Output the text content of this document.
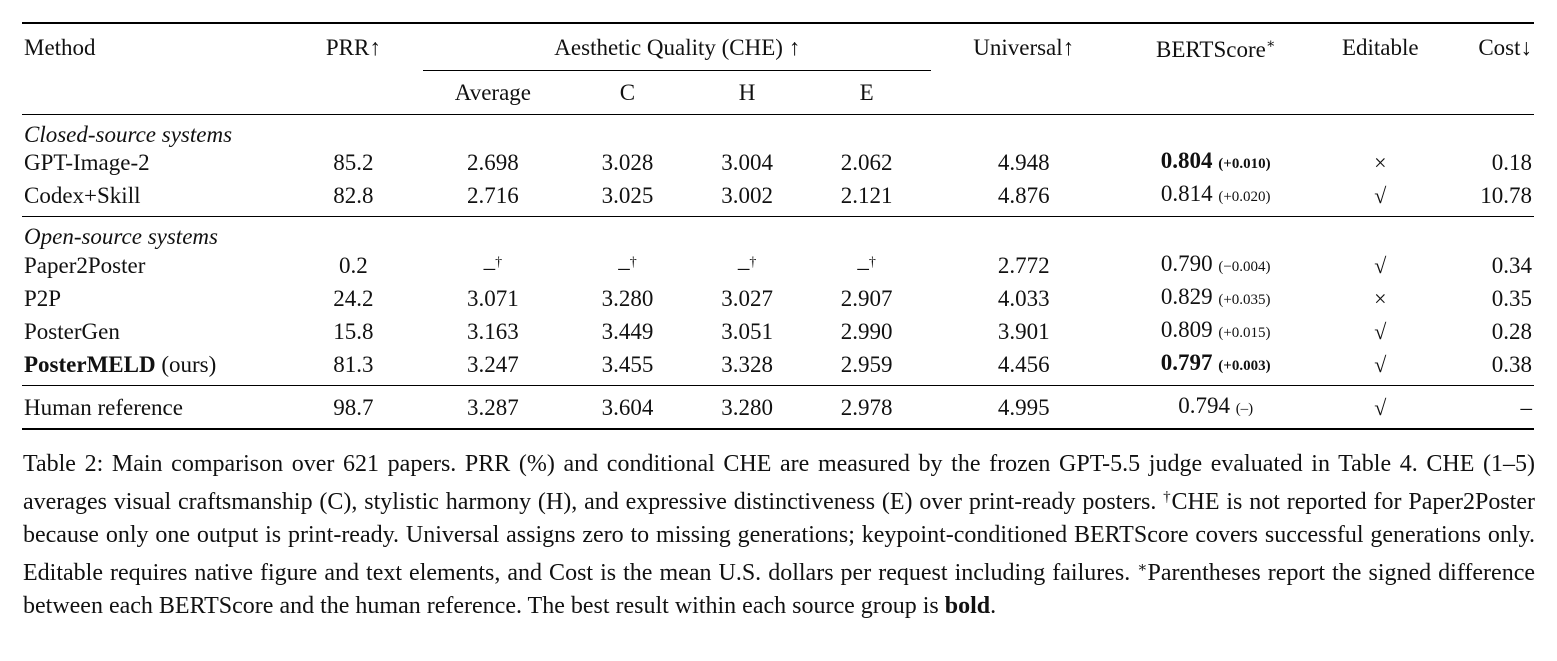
Method	PRR↑	Aesthetic Quality (CHE) ↑				Universal↑	BERTScore∗	Editable	Cost↓
		Average	C	H	E				
Closed-source systems									
GPT-Image-2	85.2	2.698	3.028	3.004	2.062	4.948	0.804 (+0.010)	×	0.18
Codex+Skill	82.8	2.716	3.025	3.002	2.121	4.876	0.814 (+0.020)	√	10.78
Open-source systems									
Paper2Poster	0.2	–†	–†	–†	–†	2.772	0.790 (−0.004)	√	0.34
P2P	24.2	3.071	3.280	3.027	2.907	4.033	0.829 (+0.035)	×	0.35
PosterGen	15.8	3.163	3.449	3.051	2.990	3.901	0.809 (+0.015)	√	0.28
PosterMELD (ours)	81.3	3.247	3.455	3.328	2.959	4.456	0.797 (+0.003)	√	0.38
Human reference	98.7	3.287	3.604	3.280	2.978	4.995	0.794 (–)	√	–

Table 2: Main comparison over 621 papers. PRR (%) and conditional CHE are measured by the frozen GPT-5.5 judge evaluated in Table 4. CHE (1–5) averages visual craftsmanship (C), stylistic harmony (H), and expressive distinctiveness (E) over print-ready posters. †CHE is not reported for Paper2Poster because only one output is print-ready. Universal assigns zero to missing generations; keypoint-conditioned BERTScore covers successful generations only. Editable requires native figure and text elements, and Cost is the mean U.S. dollars per request including failures. ∗Parentheses report the signed difference between each BERTScore and the human reference. The best result within each source group is bold.
